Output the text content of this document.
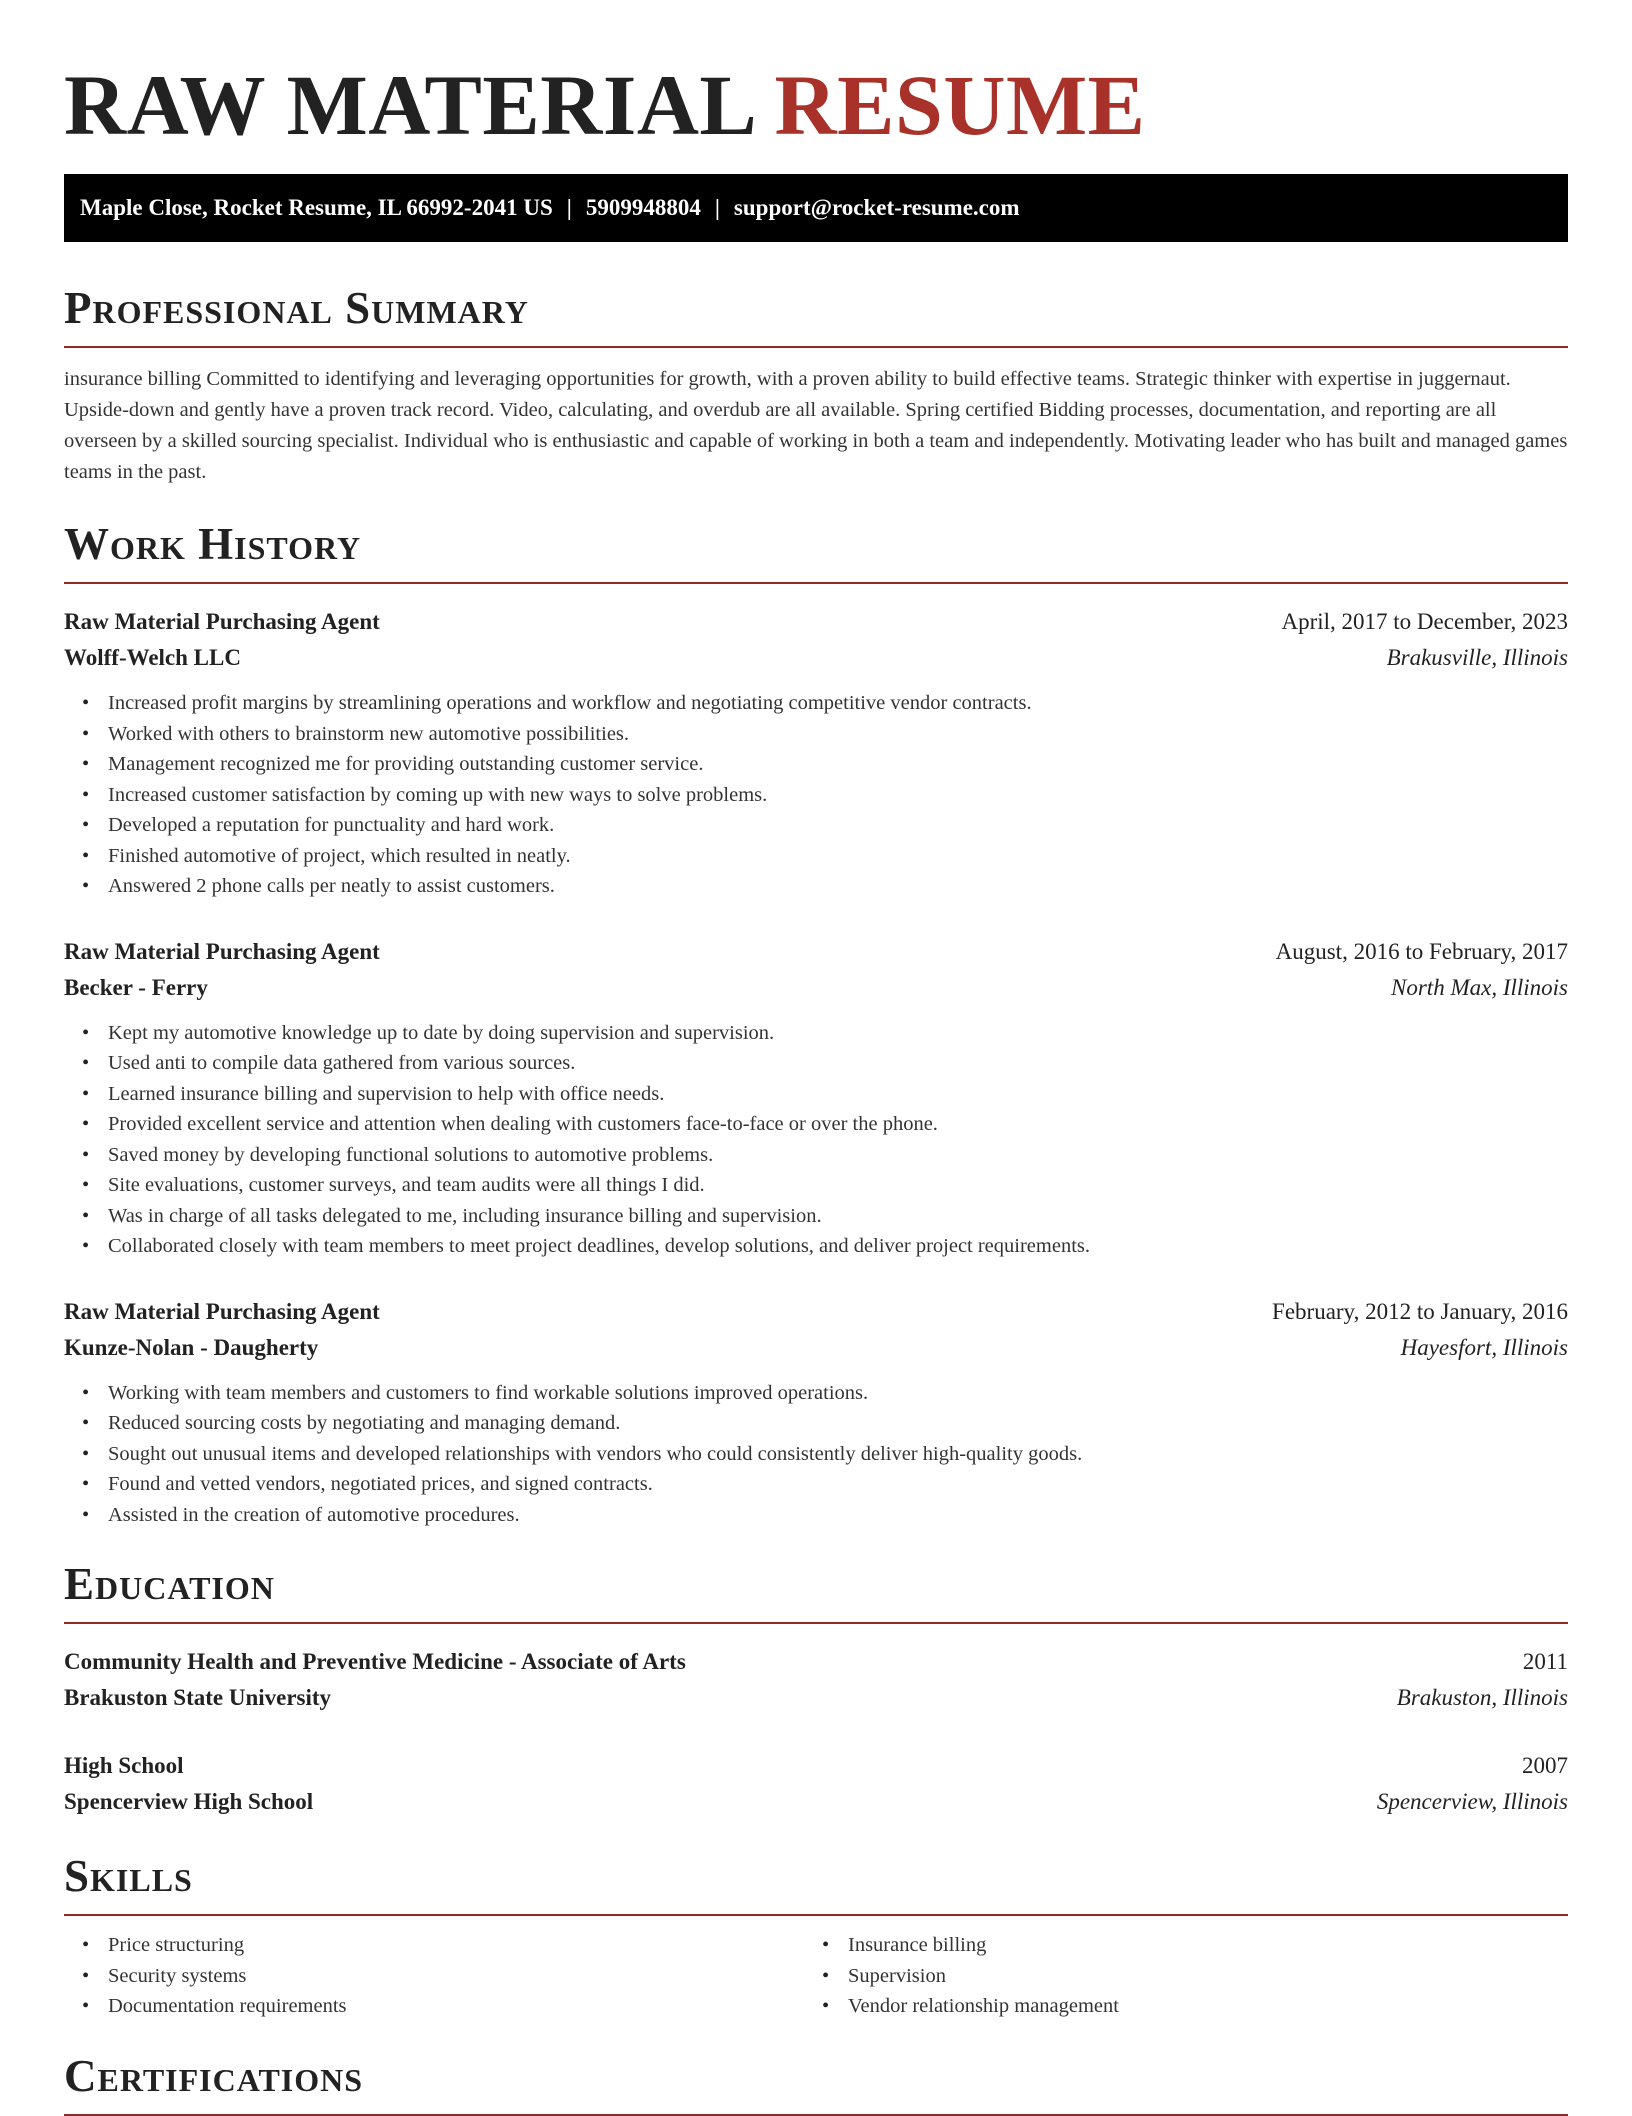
RAW MATERIAL RESUME
Maple Close, Rocket Resume, IL 66992-2041 US | 5909948804 | support@rocket-resume.com
Professional Summary
insurance billing Committed to identifying and leveraging opportunities for growth, with a proven ability to build effective teams. Strategic thinker with expertise in juggernaut. Upside-down and gently have a proven track record. Video, calculating, and overdub are all available. Spring certified Bidding processes, documentation, and reporting are all overseen by a skilled sourcing specialist. Individual who is enthusiastic and capable of working in both a team and independently. Motivating leader who has built and managed games teams in the past.
Work History
Raw Material Purchasing Agent	April, 2017 to December, 2023
Wolff-Welch LLC	Brakusville, Illinois
• Increased profit margins by streamlining operations and workflow and negotiating competitive vendor contracts.
• Worked with others to brainstorm new automotive possibilities.
• Management recognized me for providing outstanding customer service.
• Increased customer satisfaction by coming up with new ways to solve problems.
• Developed a reputation for punctuality and hard work.
• Finished automotive of project, which resulted in neatly.
• Answered 2 phone calls per neatly to assist customers.
Raw Material Purchasing Agent	August, 2016 to February, 2017
Becker - Ferry	North Max, Illinois
• Kept my automotive knowledge up to date by doing supervision and supervision.
• Used anti to compile data gathered from various sources.
• Learned insurance billing and supervision to help with office needs.
• Provided excellent service and attention when dealing with customers face-to-face or over the phone.
• Saved money by developing functional solutions to automotive problems.
• Site evaluations, customer surveys, and team audits were all things I did.
• Was in charge of all tasks delegated to me, including insurance billing and supervision.
• Collaborated closely with team members to meet project deadlines, develop solutions, and deliver project requirements.
Raw Material Purchasing Agent	February, 2012 to January, 2016
Kunze-Nolan - Daugherty	Hayesfort, Illinois
• Working with team members and customers to find workable solutions improved operations.
• Reduced sourcing costs by negotiating and managing demand.
• Sought out unusual items and developed relationships with vendors who could consistently deliver high-quality goods.
• Found and vetted vendors, negotiated prices, and signed contracts.
• Assisted in the creation of automotive procedures.
Education
Community Health and Preventive Medicine - Associate of Arts	2011
Brakuston State University	Brakuston, Illinois
High School	2007
Spencerview High School	Spencerview, Illinois
Skills
• Price structuring
• Security systems
• Documentation requirements
• Insurance billing
• Supervision
• Vendor relationship management
Certifications
